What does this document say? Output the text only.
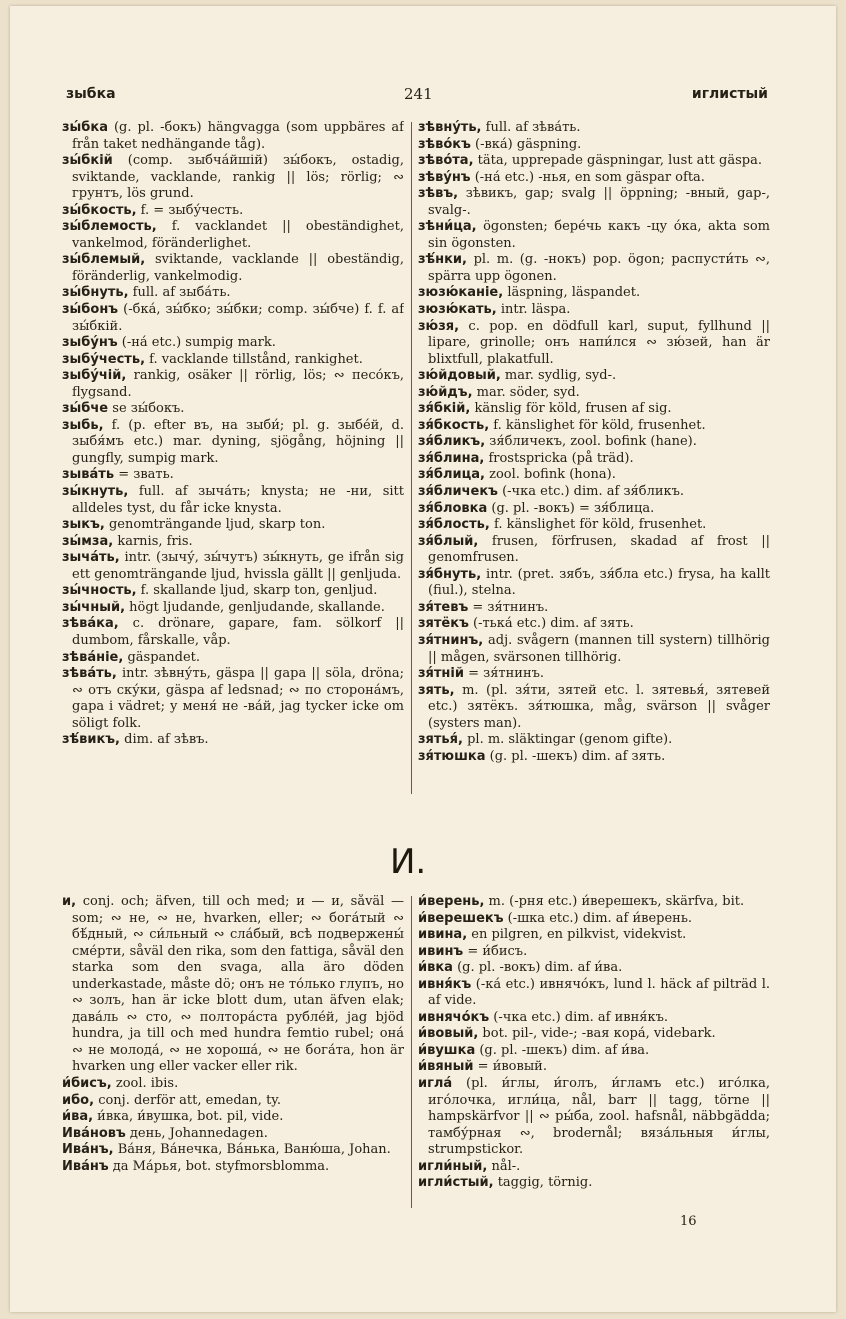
зыбка	241	иглистый

зы́бка (g. pl. -бокъ) hängvagga (som uppbäres af från taket nedhängande tåg).

зы́бкій (comp. зыбча́йшій) зы́бокъ, ostadig, sviktande, vacklande, rankig || lös; rörlig; ∾ грунтъ, lös grund.

зы́бкость, f. = зыбу́честь.

зы́блемость, f. vacklandet || obeständighet, vankelmod, föränderlighet.

зы́блемый, sviktande, vacklande || obeständig, föränderlig, vankelmodig.

зы́бнуть, full. af зыба́ть.

зы́бонъ (-бка́, зы́бко; зы́бки; comp. зы́бче) f. f. af зы́бкій.

зыбу́нъ (-на́ etc.) sumpig mark.

зыбу́честь, f. vacklande tillstånd, rankighet.

зыбу́чій, rankig, osäker || rörlig, lös; ∾ песо́къ, flygsand.

зы́бче se зы́бокъ.

зыбь, f. (p. efter въ, на зыби́; pl. g. зыбе́й, d. зыбя́мъ etc.) mar. dyning, sjögång, höjning || gungfly, sumpig mark.

зыва́ть = звать.

зы́кнуть, full. af зыча́ть; knysta; не -ни, sitt alldeles tyst, du får icke knysta.

зыкъ, genomträngande ljud, skarp ton.

зы́мза, karnis, fris.

зыча́ть, intr. (зычу́, зы́чутъ) зы́кнуть, ge ifrån sig ett genomträngande ljud, hvissla gällt || genljuda.

зы́чность, f. skallande ljud, skarp ton, genljud.

зы́чный, högt ljudande, genljudande, skallande.

зѣва́ка, c. drönare, gapare, fam. sölkorf || dumbom, fårskalle, våp.

зѣва́ніе, gäspandet.

зѣва́ть, intr. зѣвну́ть, gäspa || gapa || söla, dröna; ∾ отъ ску́ки, gäspa af ledsnad; ∾ по сторона́мъ, gapa i vädret; у меня́ не -ва́й, jag tycker icke om söligt folk.

зѣ́викъ, dim. af зѣвъ.

зѣвну́ть, full. af зѣва́ть.

зѣво́къ (-вка́) gäspning.

зѣво́та, täta, upprepade gäspningar, lust att gäspa.

зѣву́нъ (-на́ etc.) -нья, en som gäspar ofta.

зѣвъ, зѣвикъ, gap; svalg || öppning; -вный, gap-, svalg-.

зѣни́ца, ögonsten; бере́чь какъ -цу о́ка, akta som sin ögonsten.

зѣ́нки, pl. m. (g. -нокъ) pop. ögon; распусти́ть ∾, spärra upp ögonen.

зюзю́каніе, läspning, läspandet.

зюзю́кать, intr. läspa.

зю́зя, c. pop. en dödfull karl, suput, fyllhund || lipare, grinolle; онъ напи́лся ∾ зю́зей, han är blixtfull, plakatfull.

зю́йдовый, mar. sydlig, syd-.

зю́йдъ, mar. söder, syd.

зя́бкій, känslig för köld, frusen af sig.

зя́бкость, f. känslighet för köld, frusenhet.

зя́бликъ, зя́бличекъ, zool. bofink (hane).

зя́блина, frostspricka (på träd).

зя́блица, zool. bofink (hona).

зя́бличекъ (-чка etc.) dim. af зя́бликъ.

зя́бловка (g. pl. -вокъ) = зя́блица.

зя́блость, f. känslighet för köld, frusenhet.

зя́блый, frusen, förfrusen, skadad af frost || genomfrusen.

зя́бнуть, intr. (pret. зябъ, зя́бла etc.) frysa, ha kallt (fiul.), stelna.

зя́тевъ = зя́тнинъ.

зятёкъ (-тька́ etc.) dim. af зять.

зя́тнинъ, adj. svågern (mannen till systern) tillhörig || mågen, svärsonen tillhörig.

зя́тній = зя́тнинъ.

зять, m. (pl. зя́ти, зятей etc. l. зятевья́, зятевей etc.) зятёкъ. зя́тюшка, måg, svärson || svåger (systers man).

зятья́, pl. m. släktingar (genom gifte).

зя́тюшка (g. pl. -шекъ) dim. af зять.

И.

и, conj. och; äfven, till och med; и — и, såväl — som; ∾ не, ∾ не, hvarken, eller; ∾ бога́тый ∾ бѣ́дный, ∾ си́льный ∾ сла́бый, всѣ подвержены́ сме́рти, såväl den rika, som den fattiga, såväl den starka som den svaga, alla äro döden underkastade, måste dö; онъ не то́лько глупъ, но ∾ золъ, han är icke blott dum, utan äfven elak; дава́ль ∾ сто, ∾ полтора́ста рубле́й, jag bjöd hundra, ja till och med hundra femtio rubel; она́ ∾ не молода́, ∾ не хороша́, ∾ не бога́та, hon är hvarken ung eller vacker eller rik.

и́бисъ, zool. ibis.

ибо, conj. derför att, emedan, ty.

и́ва, и́вка, и́вушка, bot. pil, vide.

Ива́новъ день, Johannedagen.

Ива́нъ, Ва́ня, Ва́нечка, Ва́нька, Ваню́ша, Johan.

Ива́нъ да Ма́рья, bot. styfmorsblomma.

и́верень, m. (-рня etc.) и́верешекъ, skärfva, bit.

и́верешекъ (-шка etc.) dim. af и́верень.

ивина, en pilgren, en pilkvist, videkvist.

ивинъ = и́бисъ.

и́вка (g. pl. -вокъ) dim. af и́ва.

ивня́къ (-ка́ etc.) ивнячо́къ, lund l. häck af pilträd l. af vide.

ивнячо́къ (-чка etc.) dim. af ивня́къ.

и́вовый, bot. pil-, vide-; -вая кора́, videbark.

и́вушка (g. pl. -шекъ) dim. af и́ва.

и́вяный = и́вовый.

игла́ (pl. и́глы, и́голъ, и́гламъ etc.) иго́лка, иго́лочка, игли́ца, nål, barr || tagg, törne || hampskärfvor || ∾ ры́ба, zool. hafsnål, näbbgädda; тамбу́рная ∾, brodernål; вяза́льныя и́глы, strumpstickor.

игли́ный, nål-.

игли́стый, taggig, törnig.

16
